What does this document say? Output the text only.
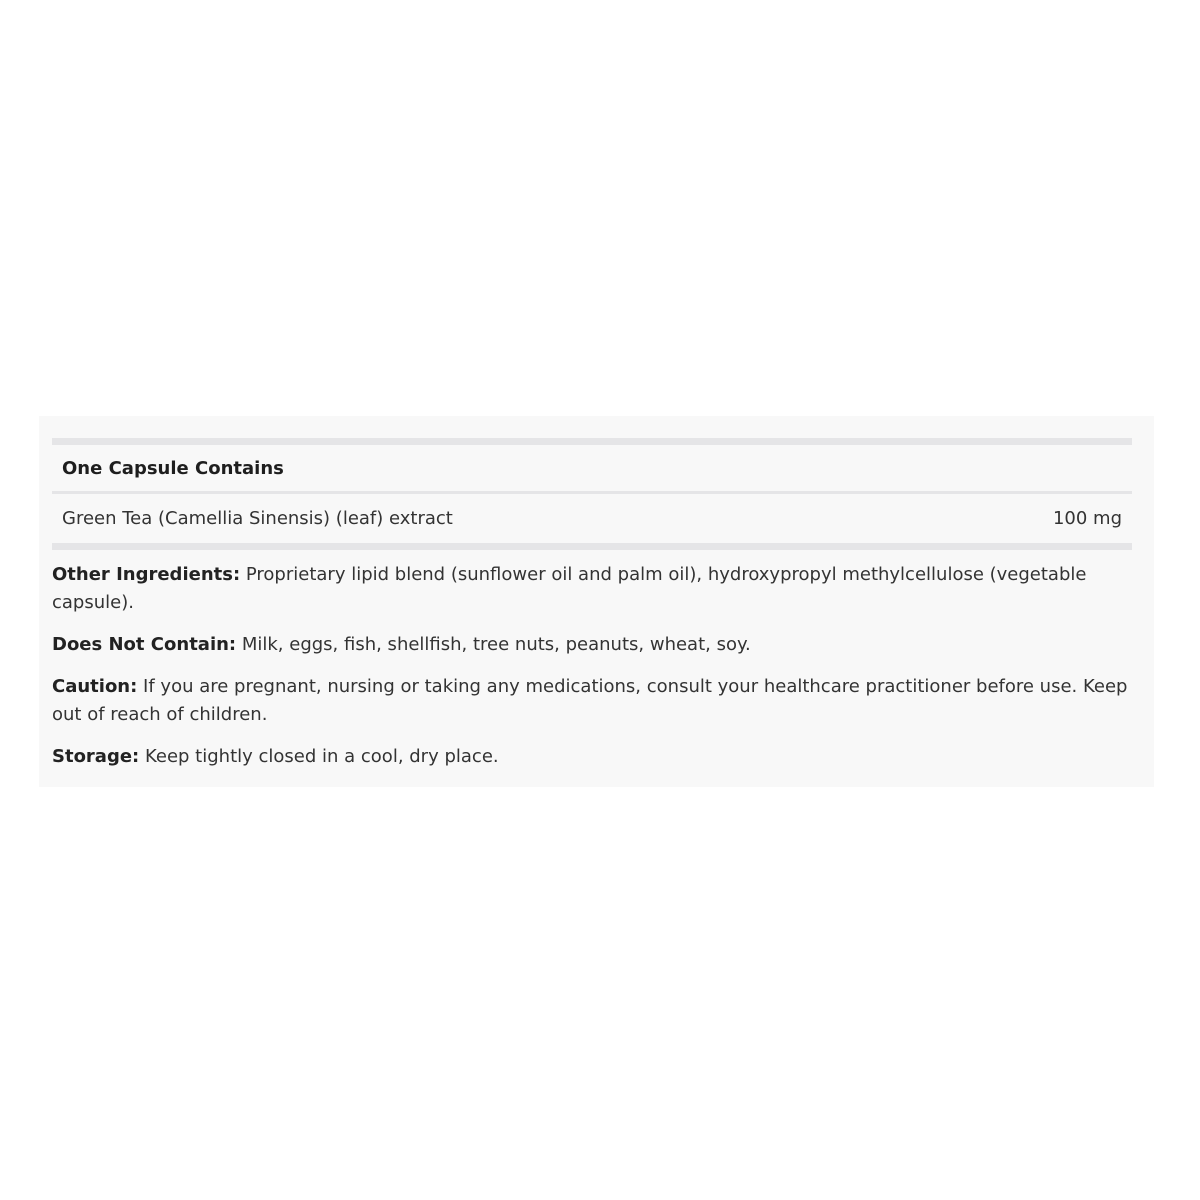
One Capsule Contains
Green Tea (Camellia Sinensis) (leaf) extract	100 mg

Other Ingredients: Proprietary lipid blend (sunflower oil and palm oil), hydroxypropyl methylcellulose (vegetable capsule).

Does Not Contain: Milk, eggs, fish, shellfish, tree nuts, peanuts, wheat, soy.

Caution: If you are pregnant, nursing or taking any medications, consult your healthcare practitioner before use. Keep out of reach of children.

Storage: Keep tightly closed in a cool, dry place.
